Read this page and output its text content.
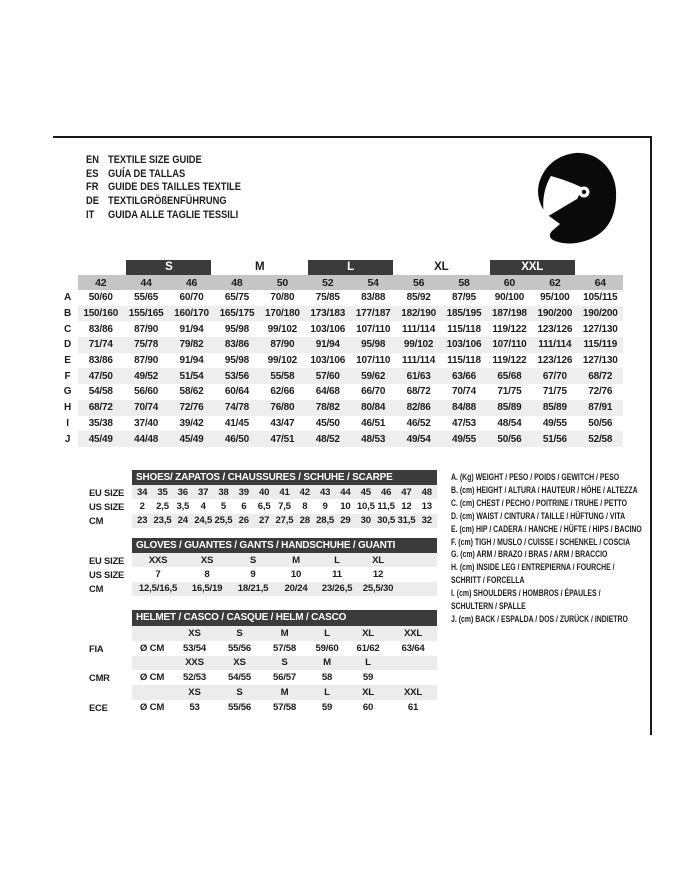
EN TEXTILE SIZE GUIDE
ES GUÍA DE TALLAS
FR GUIDE DES TAILLES TEXTILE
DE TEXTILGRÖßENFÜHRUNG
IT	GUIDA ALLE TAGLIE TESSILI

		S		M		L		XL		XXL		

	42	44	46	48	50	52	54	56	58	60	62	64
A	50/60	55/65	60/70	65/75	70/80	75/85	83/88	85/92	87/95	90/100	95/100	105/115
B	150/160	155/165	160/170	165/175	170/180	173/183	177/187	182/190	185/195	187/198	190/200	190/200
C	83/86	87/90	91/94	95/98	99/102	103/106	107/110	111/114	115/118	119/122	123/126	127/130
D	71/74	75/78	79/82	83/86	87/90	91/94	95/98	99/102	103/106	107/110	111/114	115/119
E	83/86	87/90	91/94	95/98	99/102	103/106	107/110	111/114	115/118	119/122	123/126	127/130
F	47/50	49/52	51/54	53/56	55/58	57/60	59/62	61/63	63/66	65/68	67/70	68/72
G	54/58	56/60	58/62	60/64	62/66	64/68	66/70	68/72	70/74	71/75	71/75	72/76
H	68/72	70/74	72/76	74/78	76/80	78/82	80/84	82/86	84/88	85/89	85/89	87/91
I	35/38	37/40	39/42	41/45	43/47	45/50	46/51	46/52	47/53	48/54	49/55	50/56
J	45/49	44/48	45/49	46/50	47/51	48/52	48/53	49/54	49/55	50/56	51/56	52/58

	SHOES/ ZAPATOS / CHAUSSURES / SCHUHE / SCARPE														

EU SIZE	34	35	36	37	38	39	40	41	42	43	44	45	46	47	48
US SIZE	2	2,5	3,5	4	5	6	6,5	7,5	8	9	10	10,5	11,5	12	13
CM	23	23,5	24	24,5	25,5	26	27	27,5	28	28,5	29	30	30,5	31,5	32

	GLOVES / GUANTES / GANTS / HANDSCHUHE / GUANTI						

EU SIZE	XXS	XS	S	M	L	XL	
US SIZE	7	8	9	10	11	12	
CM	12,5/16,5	16,5/19	18/21,5	20/24	23/26,5	25,5/30	

	HELMET / CASCO / CASQUE / HELM / CASCO						

		XS	S	M	L	XL	XXL
FIA	Ø CM	53/54	55/56	57/58	59/60	61/62	63/64
		XXS	XS	S	M	L	
CMR	Ø CM	52/53	54/55	56/57	58	59	
		XS	S	M	L	XL	XXL
ECE	Ø CM	53	55/56	57/58	59	60	61
A. (Kg) WEIGHT / PESO / POIDS / GEWITCH / PESO
B. (cm) HEIGHT / ALTURA / HAUTEUR / HÖHE / ALTEZZA
C. (cm) CHEST / PECHO / POITRINE / TRUHE / PETTO
D. (cm) WAIST / CINTURA / TAILLE / HÜFTUNG / VITA
E. (cm) HIP / CADERA / HANCHE / HÜFTE / HIPS / BACINO
F. (cm) TIGH / MUSLO / CUISSE / SCHENKEL / COSCIA
G. (cm) ARM / BRAZO / BRAS / ARM / BRACCIO
H. (cm) INSIDE LEG / ENTREPIERNA / FOURCHE /
SCHRITT / FORCELLA
I. (cm) SHOULDERS / HOMBROS / ÉPAULES /
SCHULTERN / SPALLE
J. (cm) BACK / ESPALDA / DOS / ZURÜCK / INDIETRO
